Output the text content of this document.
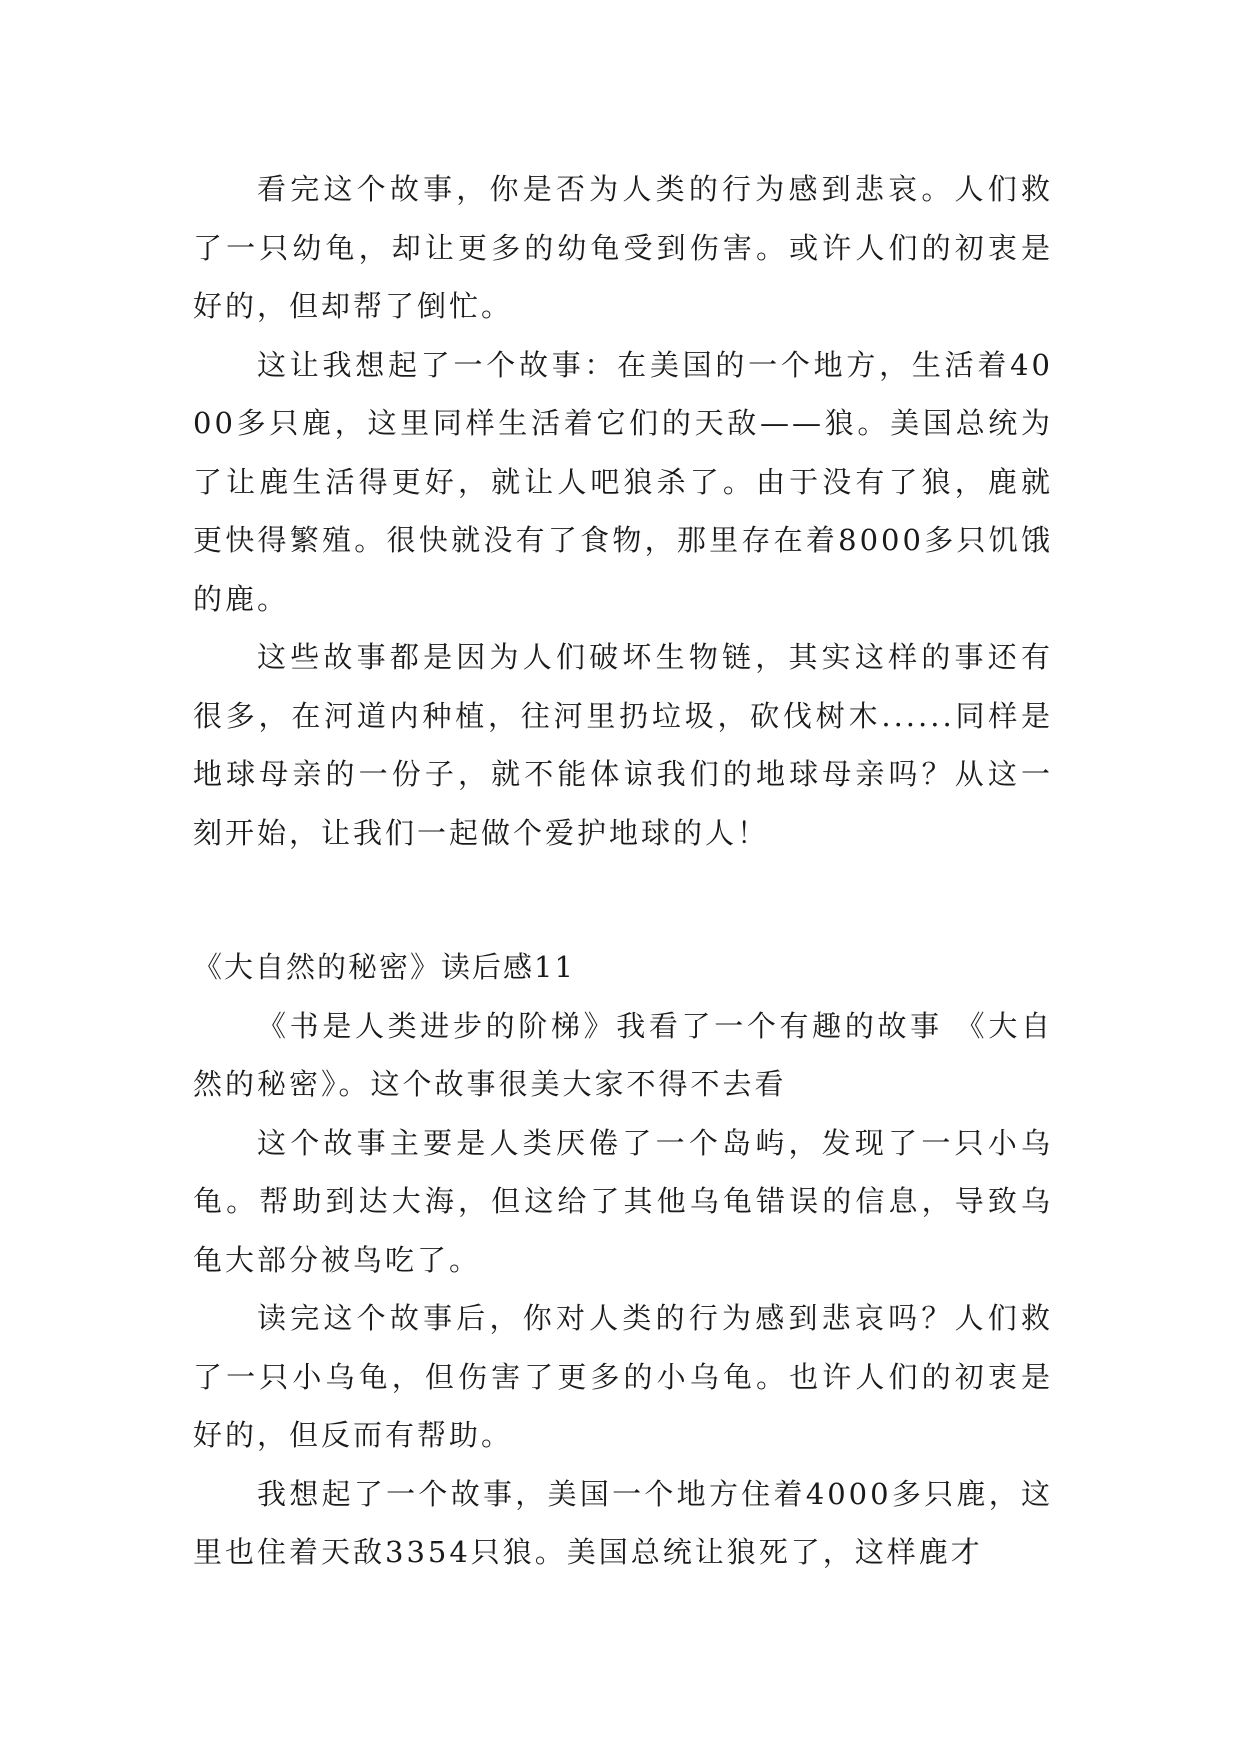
看完这个故事，你是否为人类的行为感到悲哀。人们救了一只幼龟，却让更多的幼龟受到伤害。或许人们的初衷是好的，但却帮了倒忙。

这让我想起了一个故事：在美国的一个地方，生活着4000多只鹿，这里同样生活着它们的天敌——狼。美国总统为了让鹿生活得更好，就让人吧狼杀了。由于没有了狼，鹿就更快得繁殖。很快就没有了食物，那里存在着8000多只饥饿的鹿。

这些故事都是因为人们破坏生物链，其实这样的事还有很多，在河道内种植，往河里扔垃圾，砍伐树木......同样是地球母亲的一份子，就不能体谅我们的地球母亲吗？从这一刻开始，让我们一起做个爱护地球的人！

《大自然的秘密》读后感11

《书是人类进步的阶梯》我看了一个有趣的故事 《大自然的秘密》。这个故事很美大家不得不去看

这个故事主要是人类厌倦了一个岛屿，发现了一只小乌龟。帮助到达大海，但这给了其他乌龟错误的信息，导致乌龟大部分被鸟吃了。

读完这个故事后，你对人类的行为感到悲哀吗？人们救了一只小乌龟，但伤害了更多的小乌龟。也许人们的初衷是好的，但反而有帮助。

我想起了一个故事，美国一个地方住着4000多只鹿，这里也住着天敌3354只狼。美国总统让狼死了，这样鹿才
